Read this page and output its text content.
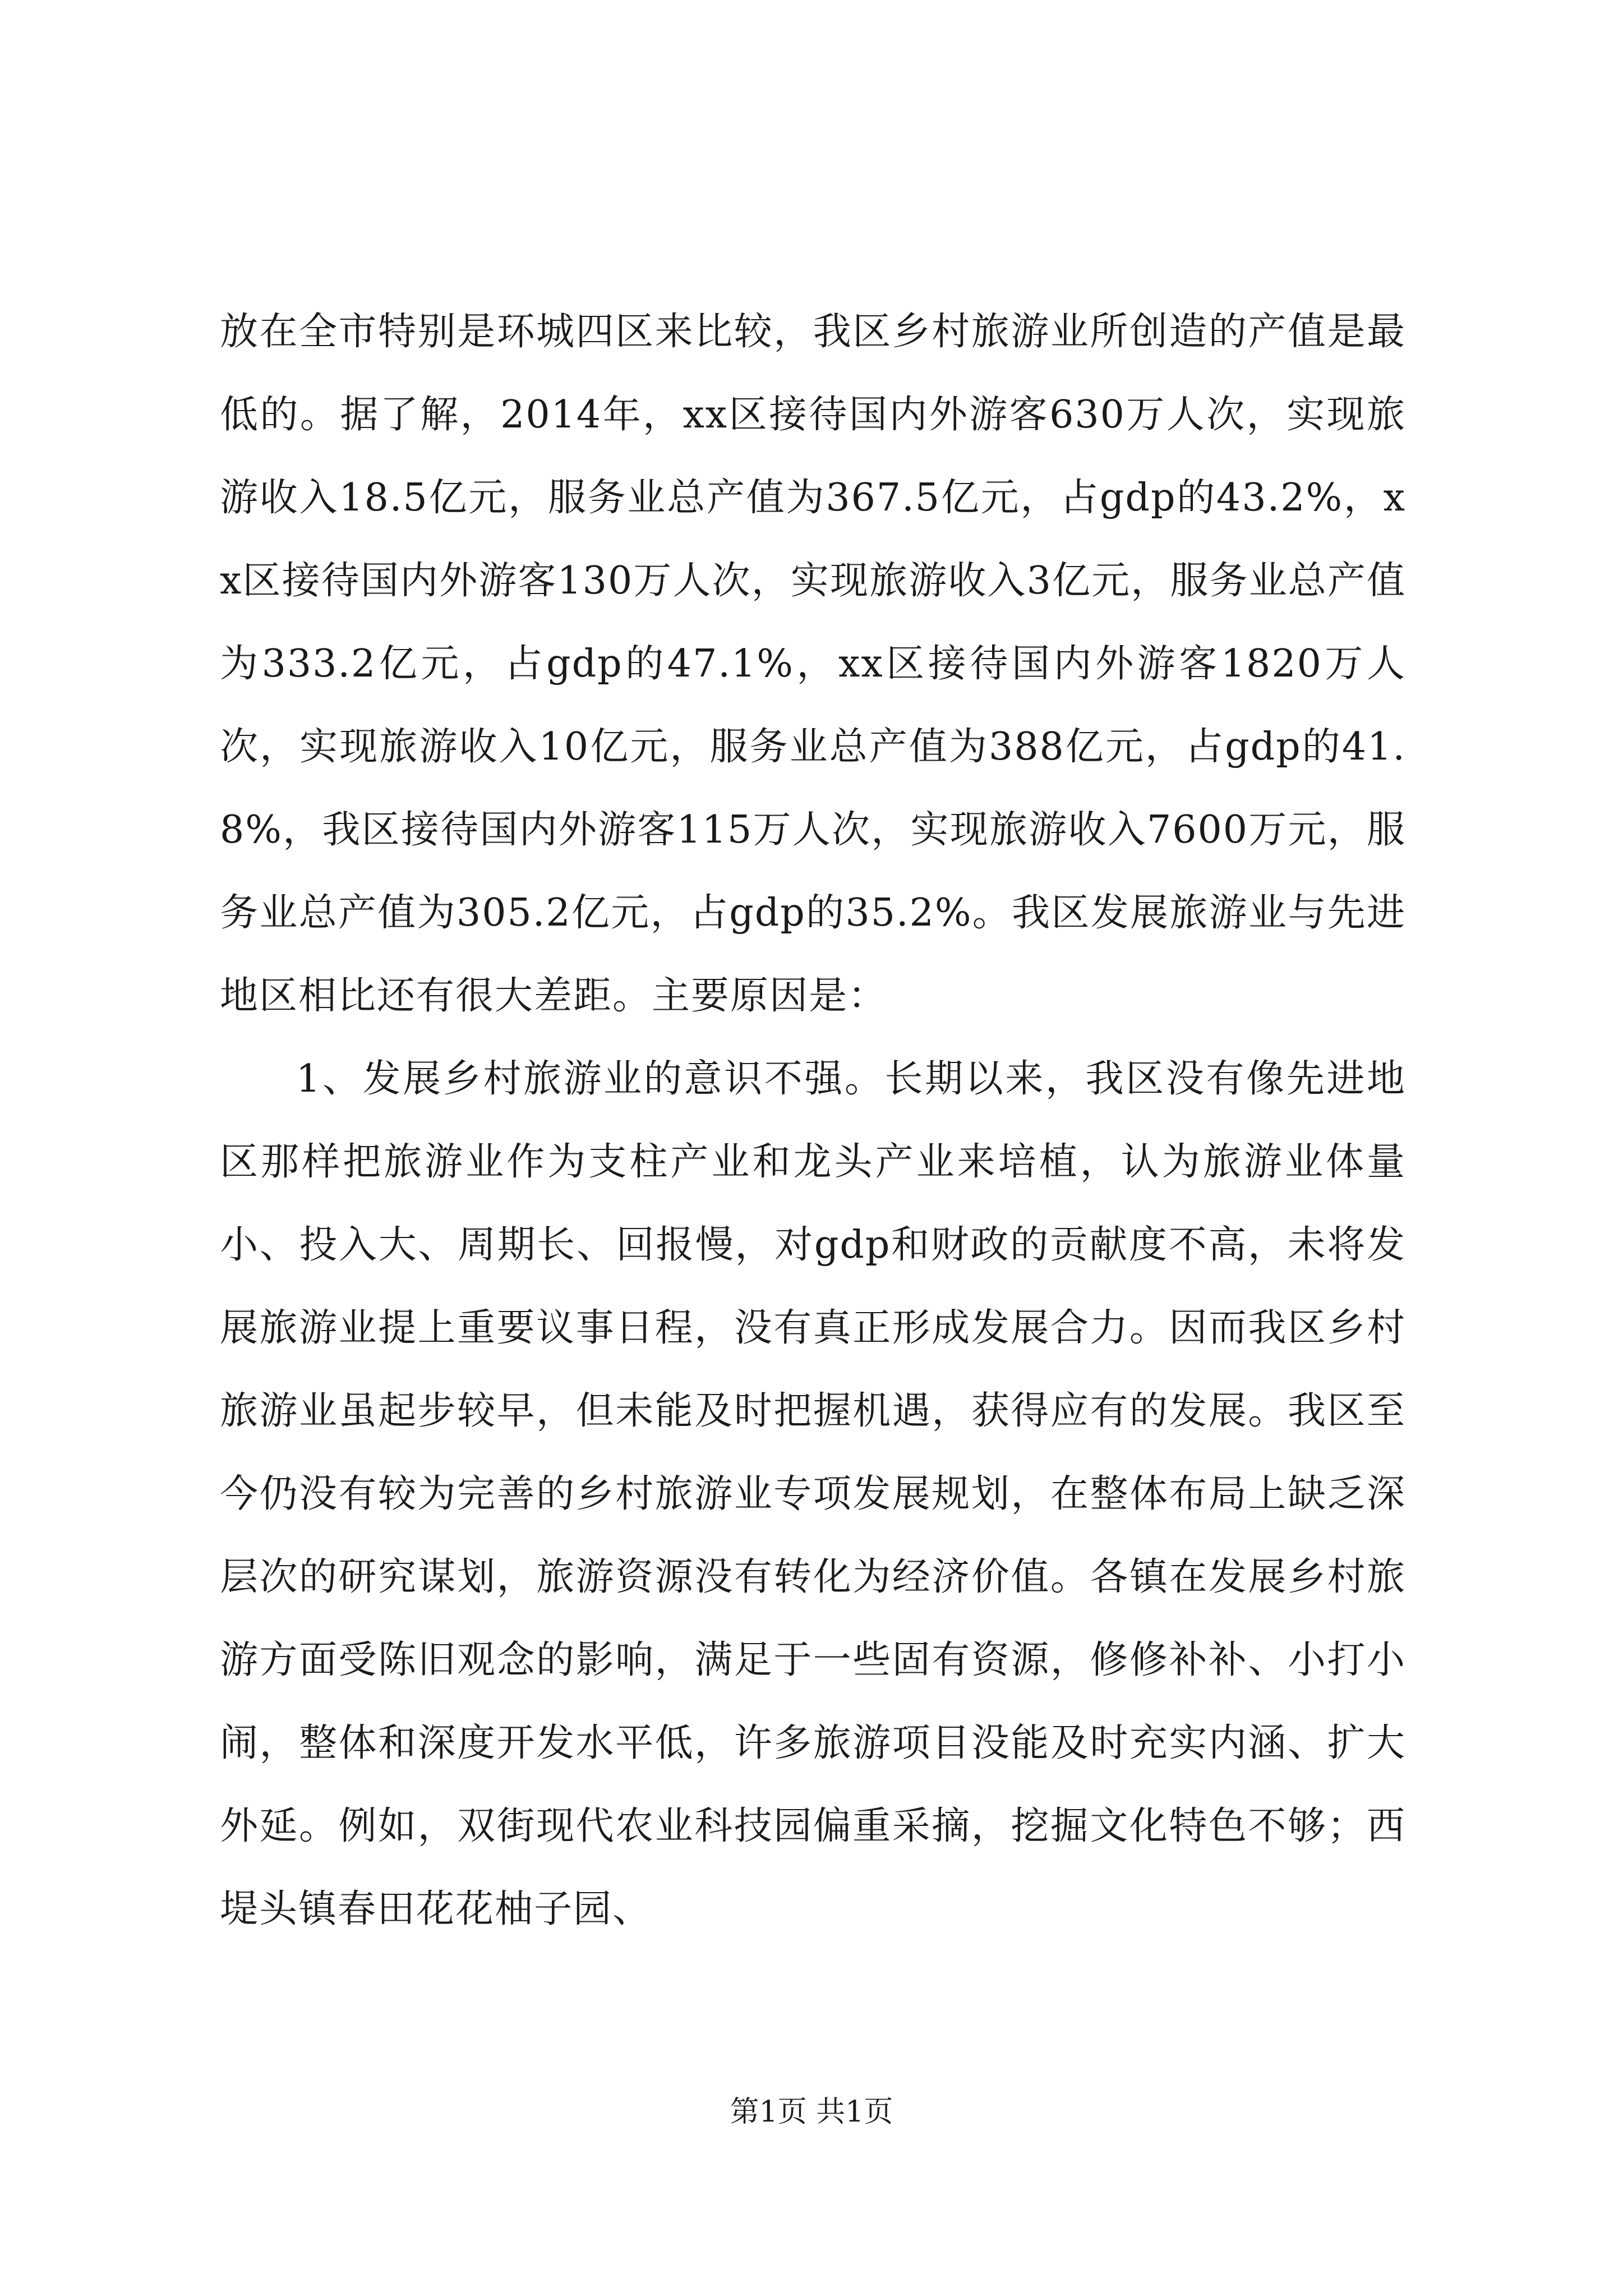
放在全市特别是环城四区来比较，我区乡村旅游业所创造的产值是最低的。据了解，2014年，xx区接待国内外游客630万人次，实现旅游收入18.5亿元，服务业总产值为367.5亿元，占gdp的43.2%，xx区接待国内外游客130万人次，实现旅游收入3亿元，服务业总产值为333.2亿元，占gdp的47.1%，xx区接待国内外游客1820万人次，实现旅游收入10亿元，服务业总产值为388亿元，占gdp的41.8%，我区接待国内外游客115万人次，实现旅游收入7600万元，服务业总产值为305.2亿元，占gdp的35.2%。我区发展旅游业与先进地区相比还有很大差距。主要原因是：

1、发展乡村旅游业的意识不强。长期以来，我区没有像先进地区那样把旅游业作为支柱产业和龙头产业来培植，认为旅游业体量小、投入大、周期长、回报慢，对gdp和财政的贡献度不高，未将发展旅游业提上重要议事日程，没有真正形成发展合力。因而我区乡村旅游业虽起步较早，但未能及时把握机遇，获得应有的发展。我区至今仍没有较为完善的乡村旅游业专项发展规划，在整体布局上缺乏深层次的研究谋划，旅游资源没有转化为经济价值。各镇在发展乡村旅游方面受陈旧观念的影响，满足于一些固有资源，修修补补、小打小闹，整体和深度开发水平低，许多旅游项目没能及时充实内涵、扩大外延。例如，双街现代农业科技园偏重采摘，挖掘文化特色不够；西堤头镇春田花花柚子园、

第1页 共1页
